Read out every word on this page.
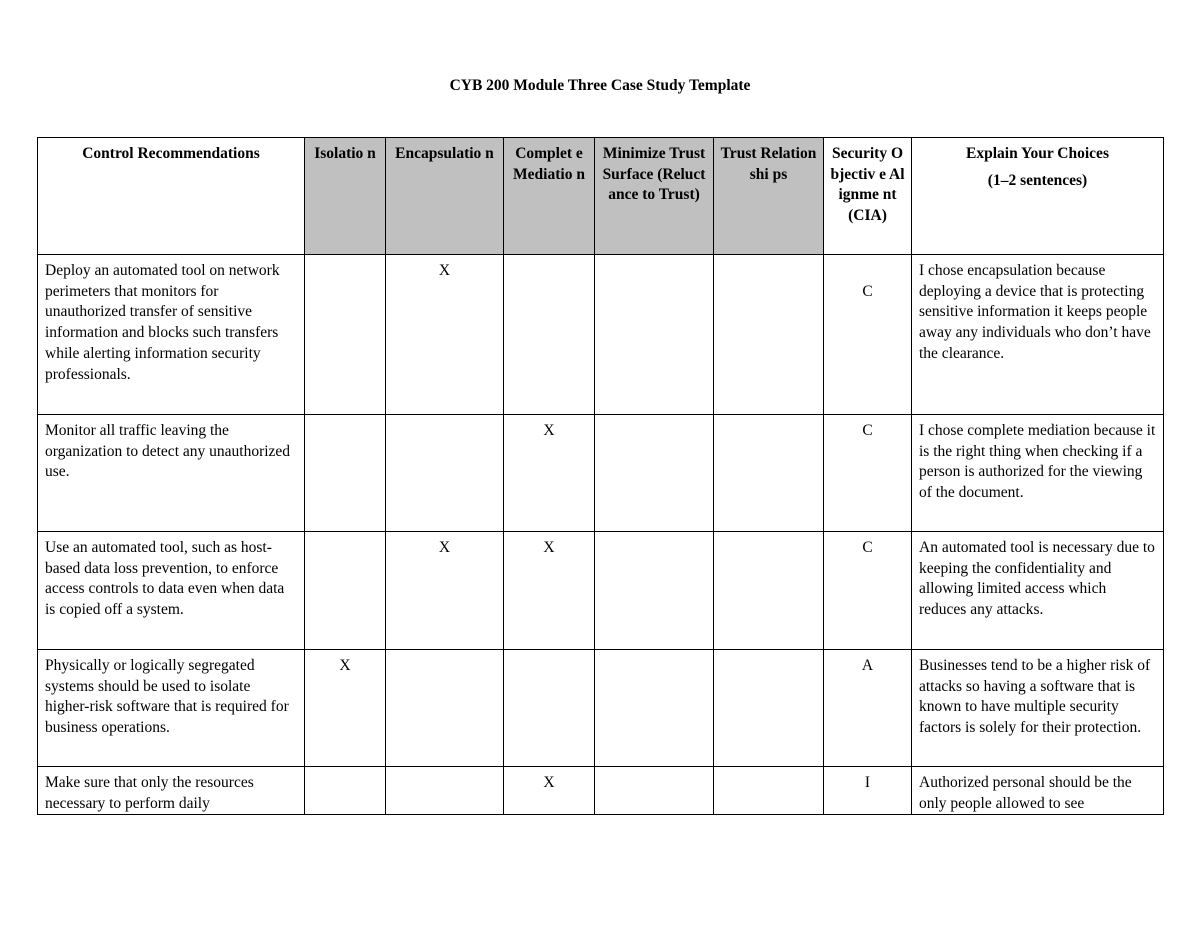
CYB 200 Module Three Case Study Template
Control Recommendations	Isolatio n	Encapsulatio n	Complet e Mediatio n	Minimize Trust Surface (Reluctance to Trust)	Trust Relationshi ps	Security Objectiv e Alignme nt (CIA)	Explain Your Choices
(1–2 sentences)

Deploy an automated tool on network perimeters that monitors for unauthorized transfer of sensitive information and blocks such transfers while alerting information security professionals.		X				C	I chose encapsulation because deploying a device that is protecting sensitive information it keeps people away any individuals who don’t have the clearance.
Monitor all traffic leaving the organization to detect any unauthorized use.			X			C	I chose complete mediation because it is the right thing when checking if a person is authorized for the viewing of the document.
Use an automated tool, such as host-based data loss prevention, to enforce access controls to data even when data is copied off a system.		X	X			C	An automated tool is necessary due to keeping the confidentiality and allowing limited access which reduces any attacks.
Physically or logically segregated systems should be used to isolate higher-risk software that is required for business operations.	X					A	Businesses tend to be a higher risk of attacks so having a software that is known to have multiple security factors is solely for their protection.

Make sure that only the resources necessary to perform daily			X			I	Authorized personal should be the only people allowed to see
